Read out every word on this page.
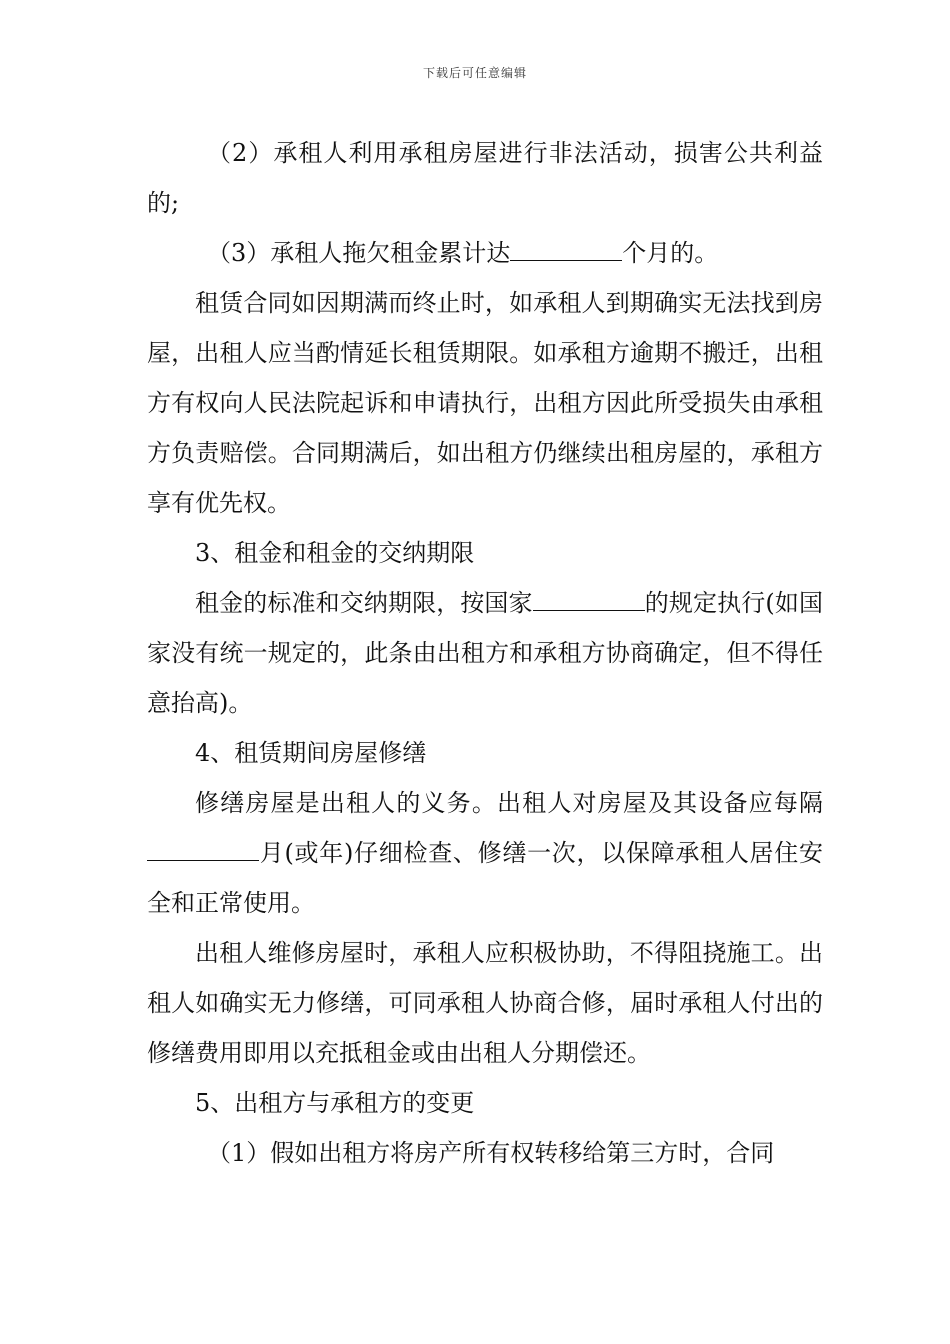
下载后可任意编辑

（2）承租人利用承租房屋进行非法活动，损害公共利益的;

（3）承租人拖欠租金累计达	个月的。

租赁合同如因期满而终止时，如承租人到期确实无法找到房屋，出租人应当酌情延长租赁期限。如承租方逾期不搬迁，出租方有权向人民法院起诉和申请执行，出租方因此所受损失由承租方负责赔偿。合同期满后，如出租方仍继续出租房屋的，承租方享有优先权。

3、租金和租金的交纳期限

租金的标准和交纳期限，按国家	的规定执行(如国家没有统一规定的，此条由出租方和承租方协商确定，但不得任意抬高)。

4、租赁期间房屋修缮

修缮房屋是出租人的义务。出租人对房屋及其设备应每隔月(或年)仔细检查、修缮一次，以保障承租人居住安全和正常使用。

出租人维修房屋时，承租人应积极协助，不得阻挠施工。出租人如确实无力修缮，可同承租人协商合修，届时承租人付出的修缮费用即用以充抵租金或由出租人分期偿还。

5、出租方与承租方的变更

（1）假如出租方将房产所有权转移给第三方时，合同
